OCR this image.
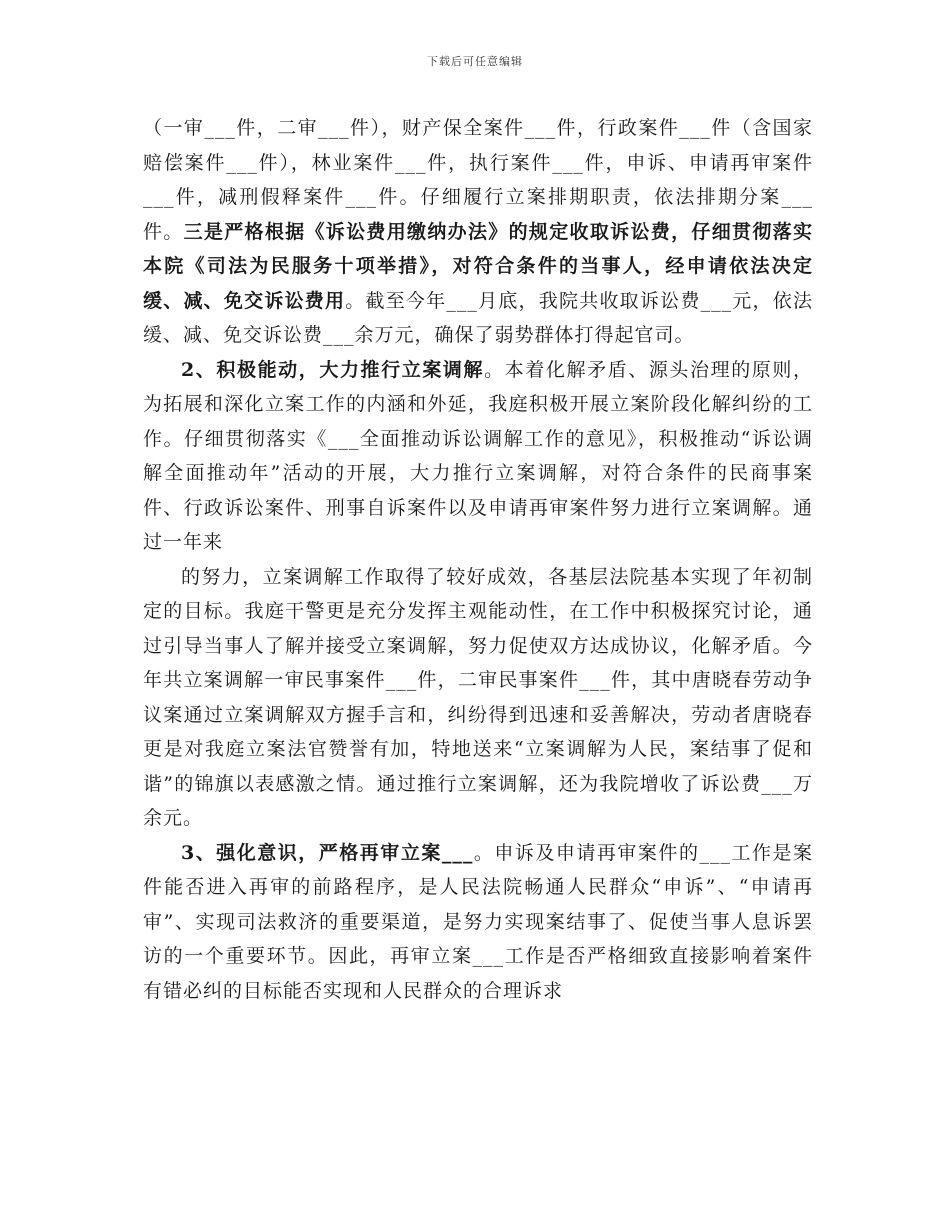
下载后可任意编辑

（一审___件，二审___件），财产保全案件___件，行政案件___件（含国家赔偿案件___件），林业案件___件，执行案件___件，申诉、申请再审案件___件，减刑假释案件___件。仔细履行立案排期职责，依法排期分案___件。三是严格根据《诉讼费用缴纳办法》的规定收取诉讼费，仔细贯彻落实本院《司法为民服务十项举措》，对符合条件的当事人，经申请依法决定缓、减、免交诉讼费用。截至今年___月底，我院共收取诉讼费___元，依法缓、减、免交诉讼费___余万元，确保了弱势群体打得起官司。

2、积极能动，大力推行立案调解。本着化解矛盾、源头治理的原则，为拓展和深化立案工作的内涵和外延，我庭积极开展立案阶段化解纠纷的工作。仔细贯彻落实《___全面推动诉讼调解工作的意见》，积极推动“诉讼调解全面推动年”活动的开展，大力推行立案调解，对符合条件的民商事案件、行政诉讼案件、刑事自诉案件以及申请再审案件努力进行立案调解。通过一年来

的努力，立案调解工作取得了较好成效，各基层法院基本实现了年初制定的目标。我庭干警更是充分发挥主观能动性，在工作中积极探究讨论，通过引导当事人了解并接受立案调解，努力促使双方达成协议，化解矛盾。今年共立案调解一审民事案件___件，二审民事案件___件，其中唐晓春劳动争议案通过立案调解双方握手言和，纠纷得到迅速和妥善解决，劳动者唐晓春更是对我庭立案法官赞誉有加，特地送来“立案调解为人民，案结事了促和谐”的锦旗以表感激之情。通过推行立案调解，还为我院增收了诉讼费___万余元。

3、强化意识，严格再审立案___。申诉及申请再审案件的___工作是案件能否进入再审的前路程序，是人民法院畅通人民群众“申诉”、“申请再审”、实现司法救济的重要渠道，是努力实现案结事了、促使当事人息诉罢访的一个重要环节。因此，再审立案___工作是否严格细致直接影响着案件有错必纠的目标能否实现和人民群众的合理诉求
